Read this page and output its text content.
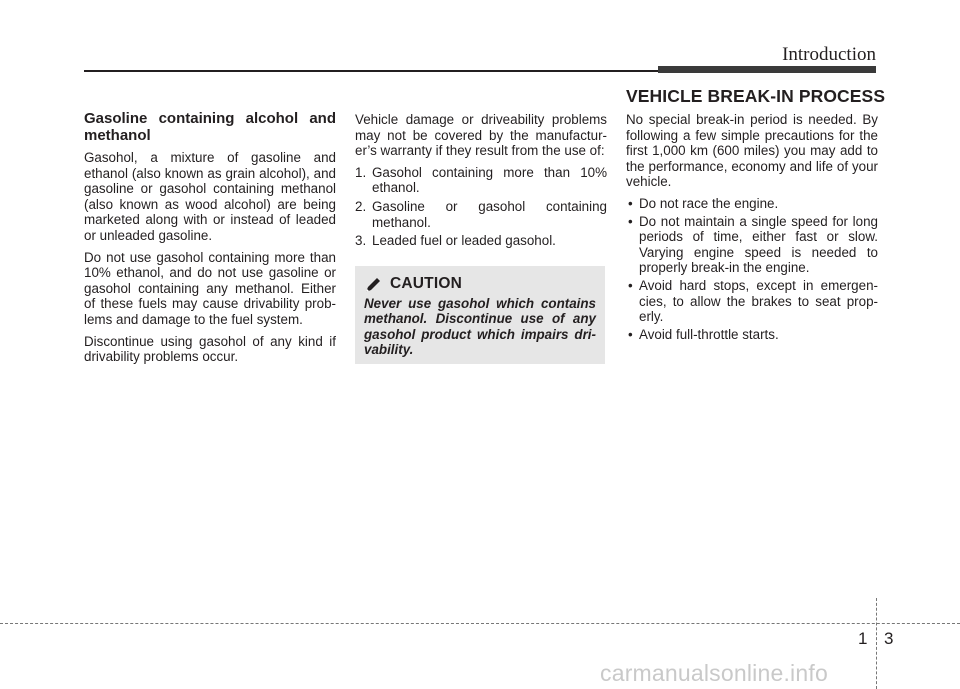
Introduction
VEHICLE BREAK-IN PROCESS

Gasoline containing alcohol and methanol

Gasohol, a mixture of gasoline and ethanol (also known as grain alcohol), and gasoline or gasohol containing methanol (also known as wood alcohol) are being marketed along with or instead of leaded or unleaded gasoline.

Do not use gasohol containing more than 10% ethanol, and do not use gasoline or gasohol containing any methanol. Either of these fuels may cause drivability prob-lems and damage to the fuel system.

Discontinue using gasohol of any kind if drivability problems occur.

Vehicle damage or driveability problems may not be covered by the manufactur-er’s warranty if they result from the use of:

1. Gasohol containing more than 10% ethanol.
2. Gasoline or gasohol containing methanol.
3. Leaded fuel or leaded gasohol.
CAUTION

Never use gasohol which contains methanol. Discontinue use of any gasohol product which impairs dri-vability.

No special break-in period is needed. By following a few simple precautions for the first 1,000 km (600 miles) you may add to the performance, economy and life of your vehicle.

• Do not race the engine.
• Do not maintain a single speed for long periods of time, either fast or slow. Varying engine speed is needed to properly break-in the engine.
• Avoid hard stops, except in emergen-cies, to allow the brakes to seat prop-erly.
• Avoid full-throttle starts.
1 3
carmanualsonline.info
